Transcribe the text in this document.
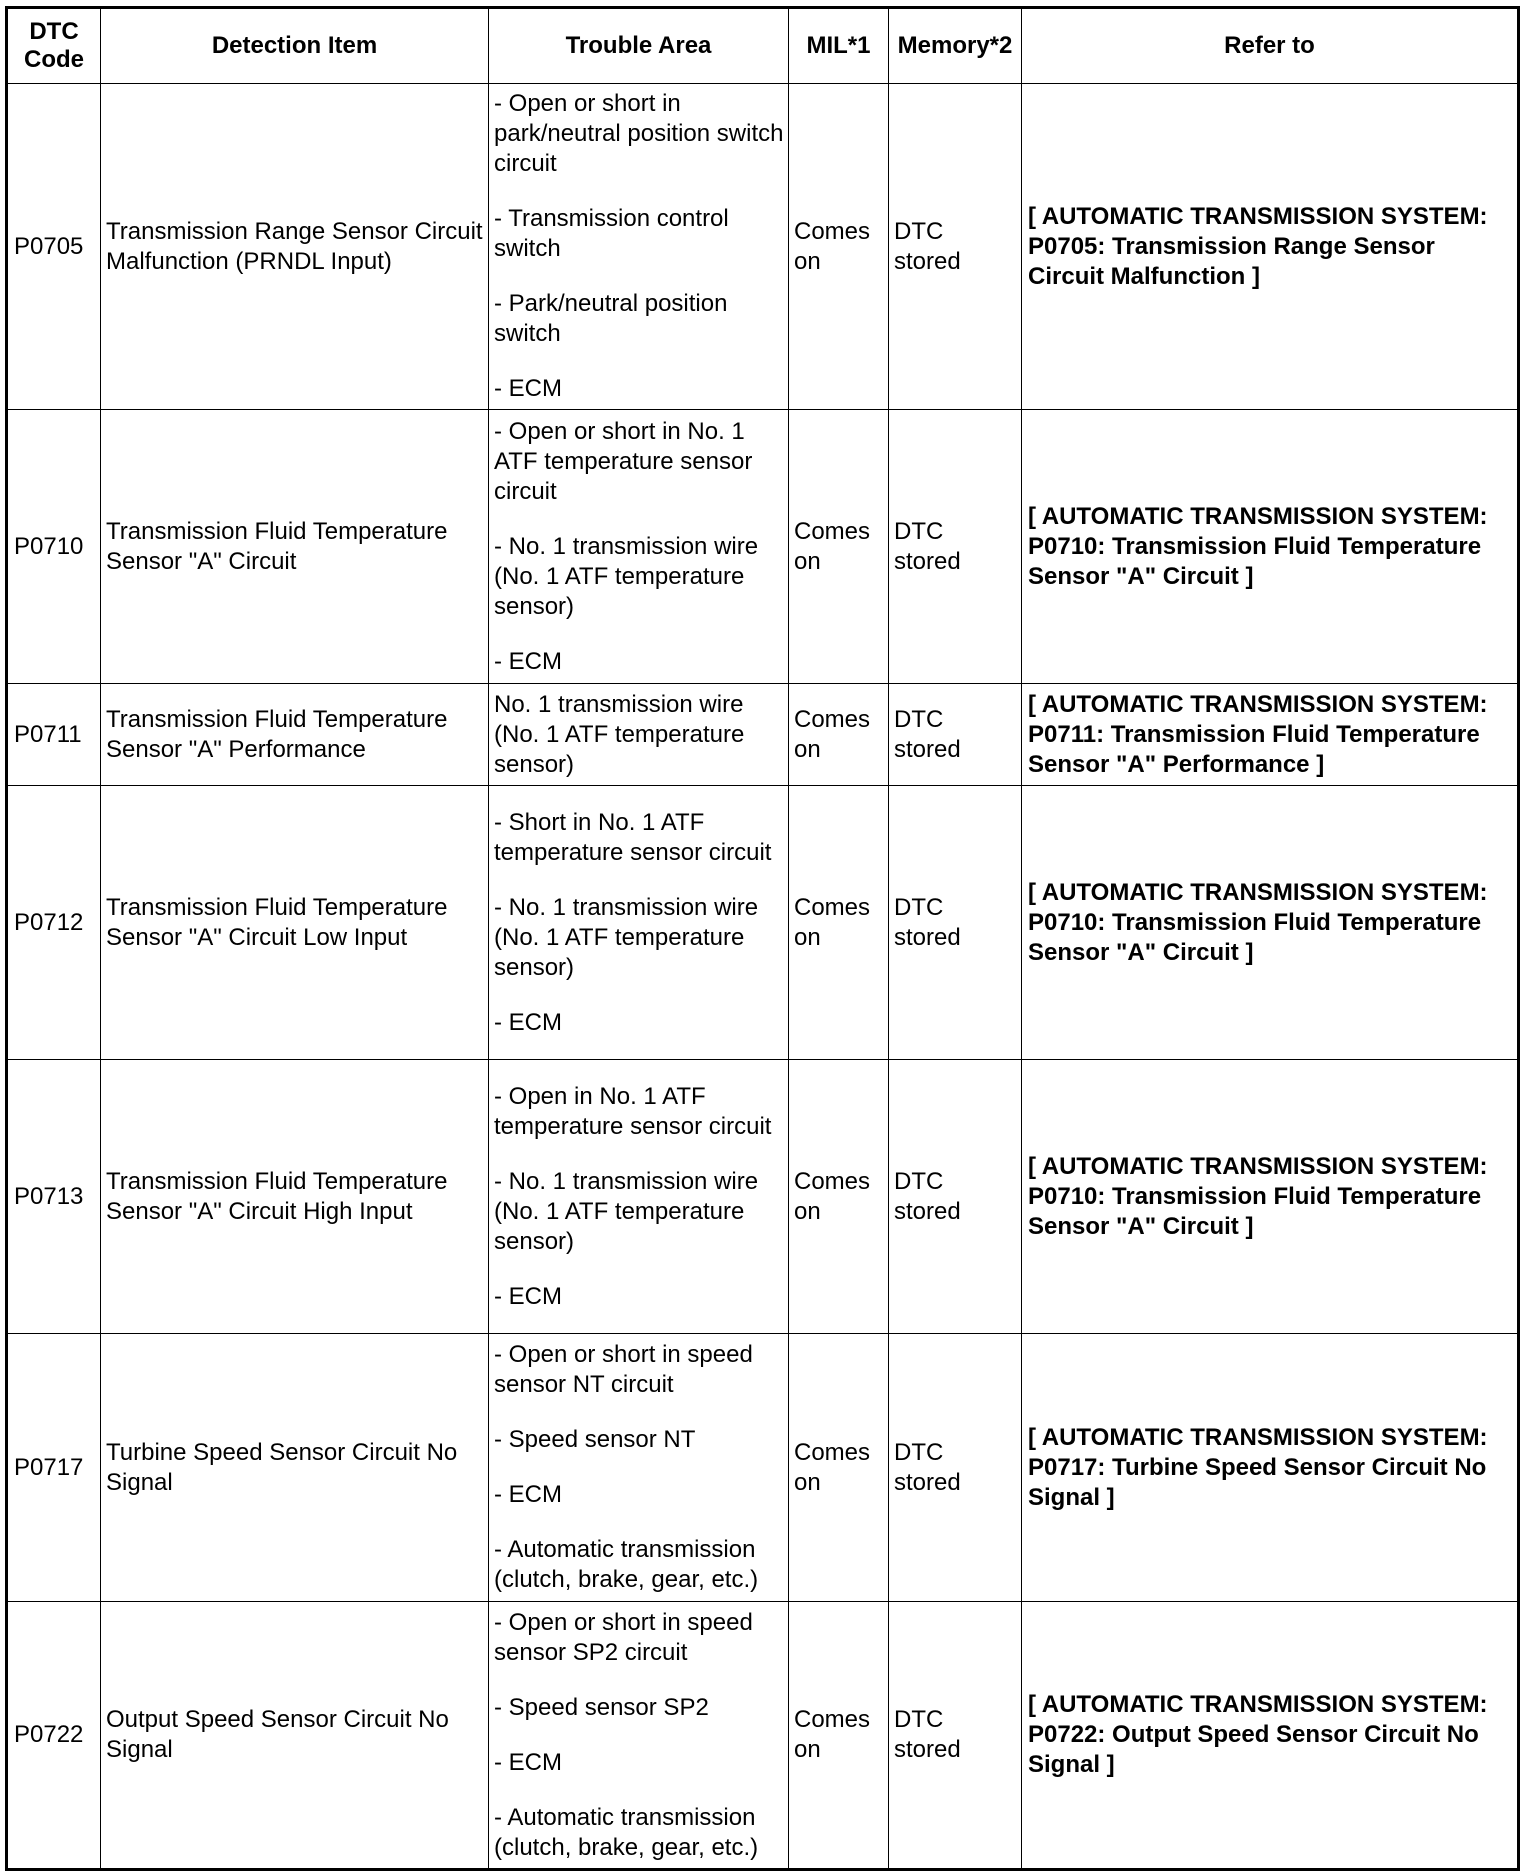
DTC Code	Detection Item	Trouble Area	MIL*1	Memory*2	Refer to
P0705	Transmission Range Sensor Circuit Malfunction (PRNDL Input)	- Open or short in park/neutral position switch circuit
- Transmission control switch
- Park/neutral position switch
- ECM	Comes on	DTC stored	[ AUTOMATIC TRANSMISSION SYSTEM: P0705: Transmission Range Sensor Circuit Malfunction ]
P0710	Transmission Fluid Temperature Sensor "A" Circuit	- Open or short in No. 1 ATF temperature sensor circuit
- No. 1 transmission wire (No. 1 ATF temperature sensor)
- ECM	Comes on	DTC stored	[ AUTOMATIC TRANSMISSION SYSTEM: P0710: Transmission Fluid Temperature Sensor "A" Circuit ]
P0711	Transmission Fluid Temperature Sensor "A" Performance	No. 1 transmission wire (No. 1 ATF temperature sensor)	Comes on	DTC stored	[ AUTOMATIC TRANSMISSION SYSTEM: P0711: Transmission Fluid Temperature Sensor "A" Performance ]
P0712	Transmission Fluid Temperature Sensor "A" Circuit Low Input	- Short in No. 1 ATF temperature sensor circuit
- No. 1 transmission wire (No. 1 ATF temperature sensor)
- ECM	Comes on	DTC stored	[ AUTOMATIC TRANSMISSION SYSTEM: P0710: Transmission Fluid Temperature Sensor "A" Circuit ]
P0713	Transmission Fluid Temperature Sensor "A" Circuit High Input	- Open in No. 1 ATF temperature sensor circuit
- No. 1 transmission wire (No. 1 ATF temperature sensor)
- ECM	Comes on	DTC stored	[ AUTOMATIC TRANSMISSION SYSTEM: P0710: Transmission Fluid Temperature Sensor "A" Circuit ]
P0717	Turbine Speed Sensor Circuit No Signal	- Open or short in speed sensor NT circuit
- Speed sensor NT
- ECM
- Automatic transmission (clutch, brake, gear, etc.)	Comes on	DTC stored	[ AUTOMATIC TRANSMISSION SYSTEM: P0717: Turbine Speed Sensor Circuit No Signal ]
P0722	Output Speed Sensor Circuit No Signal	- Open or short in speed sensor SP2 circuit
- Speed sensor SP2
- ECM
- Automatic transmission (clutch, brake, gear, etc.)	Comes on	DTC stored	[ AUTOMATIC TRANSMISSION SYSTEM: P0722: Output Speed Sensor Circuit No Signal ]
